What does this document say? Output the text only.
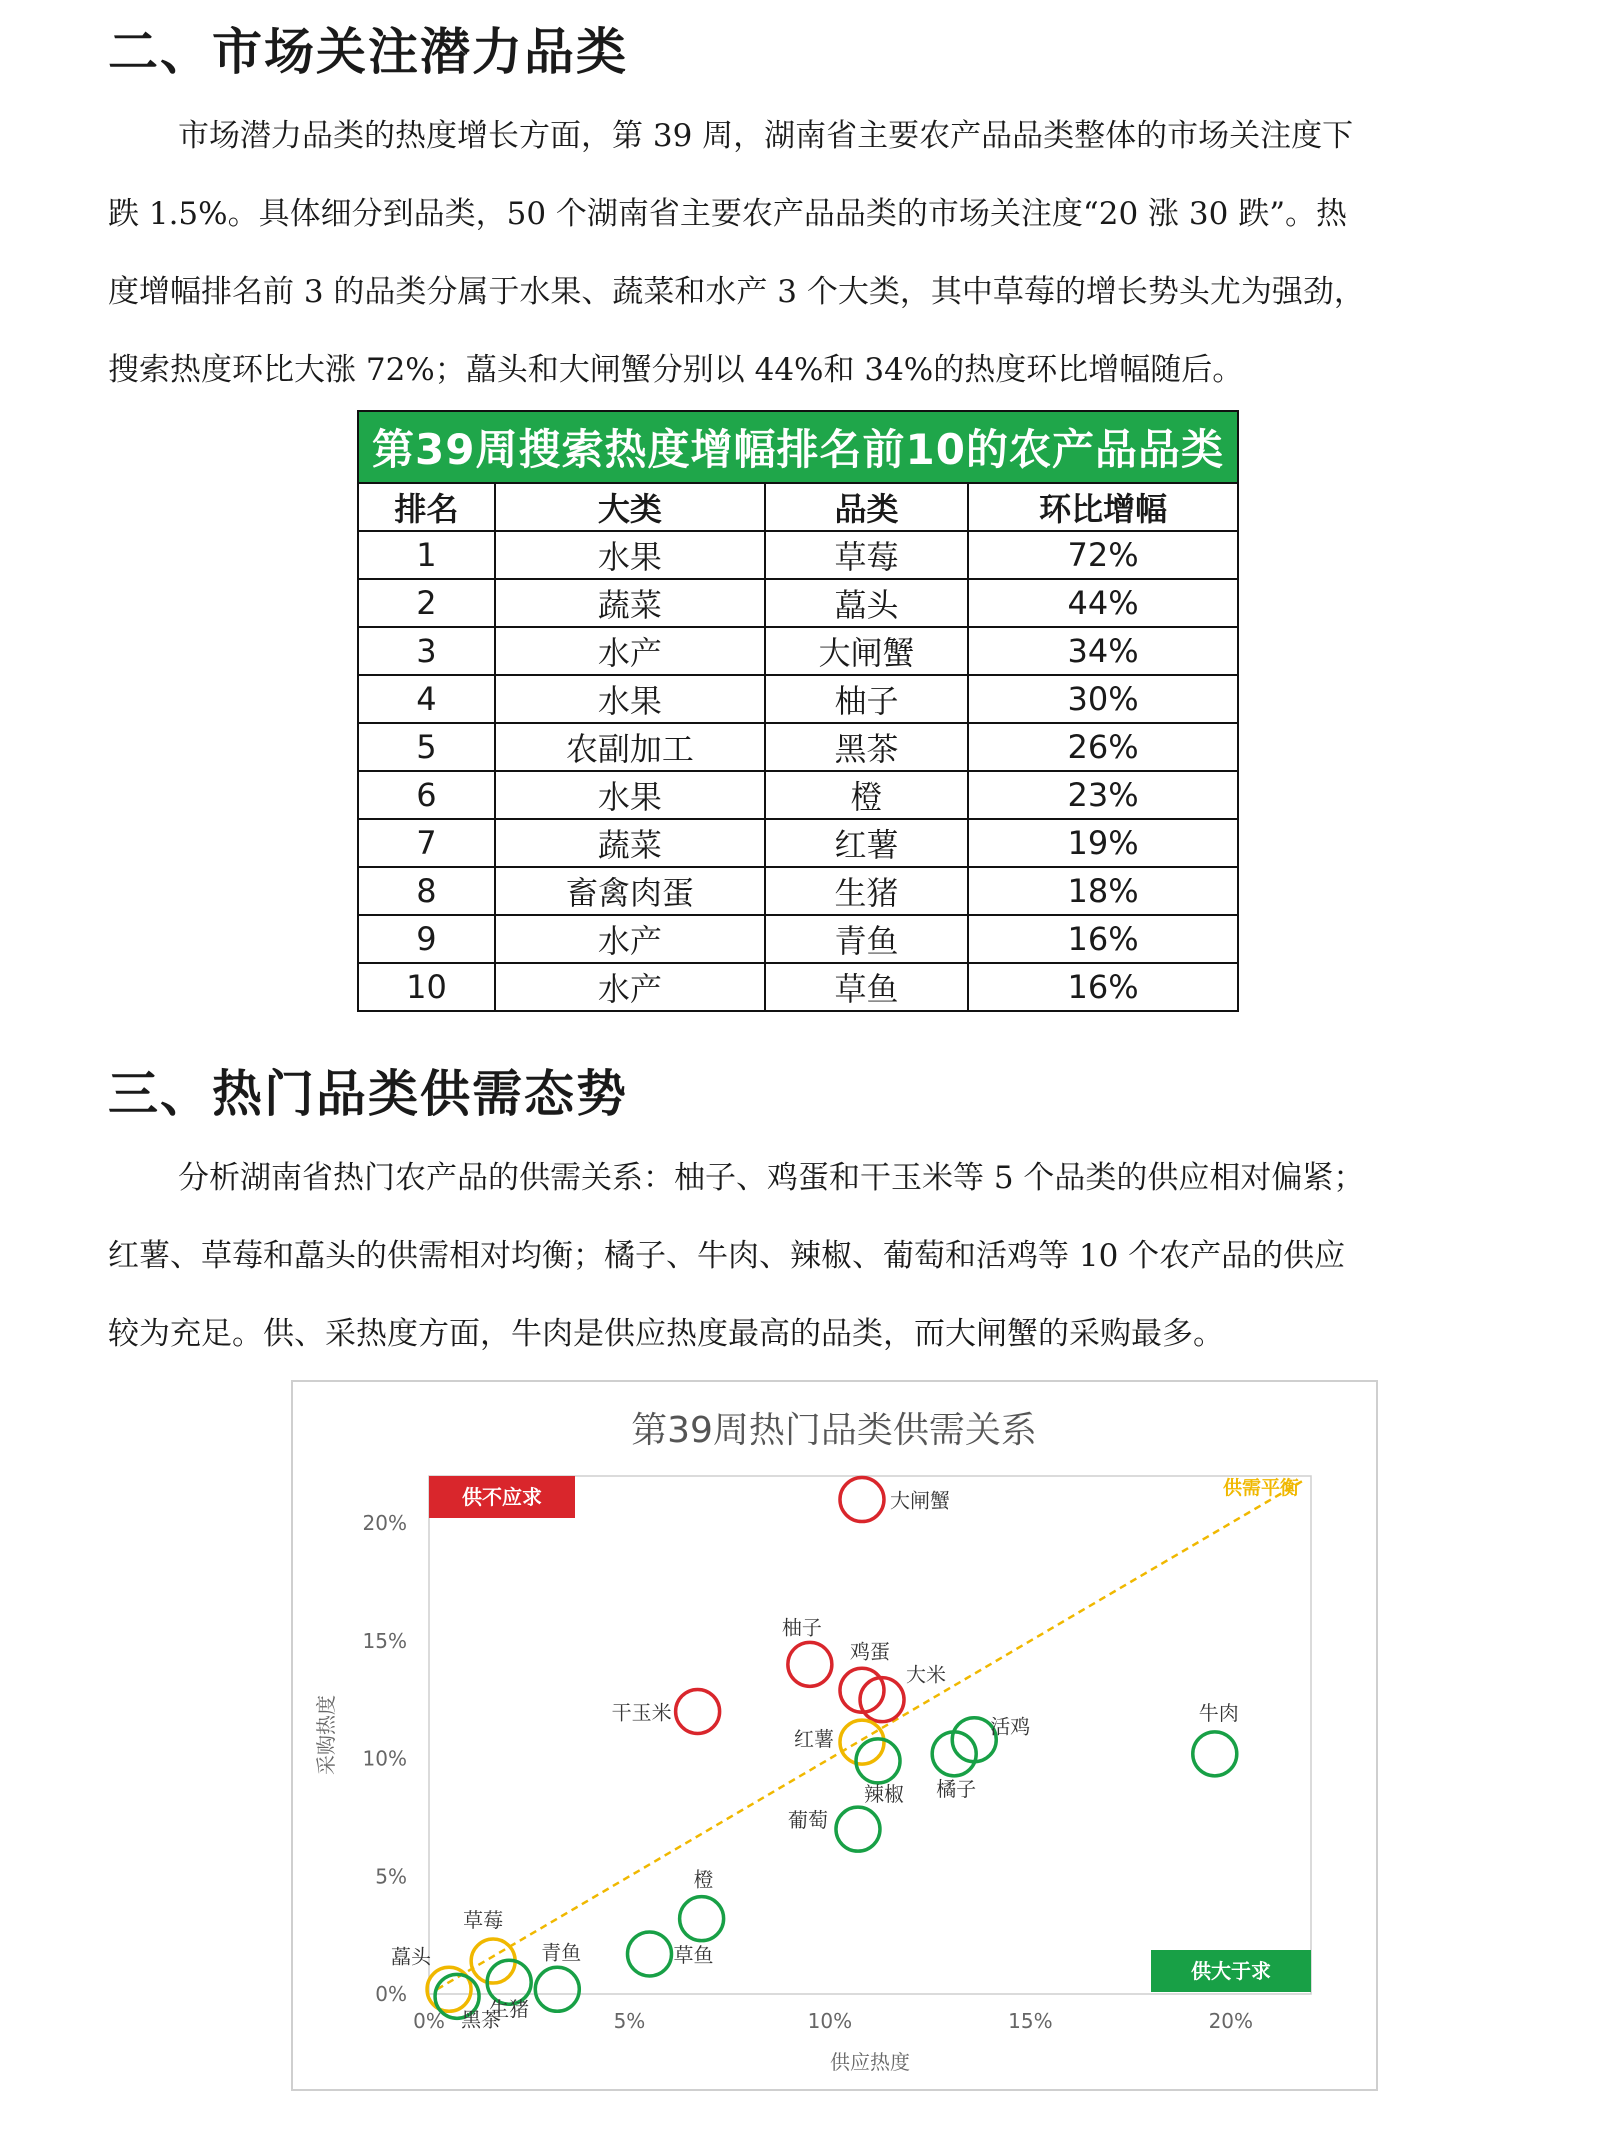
二、市场关注潜力品类

市场潜力品类的热度增长方面，第 39 周，湖南省主要农产品品类整体的市场关注度下
跌 1.5%。具体细分到品类，50 个湖南省主要农产品品类的市场关注度“20 涨 30 跌”。热
度增幅排名前 3 的品类分属于水果、蔬菜和水产 3 个大类，其中草莓的增长势头尤为强劲，
搜索热度环比大涨 72%；藠头和大闸蟹分别以 44%和 34%的热度环比增幅随后。

第39周搜索热度增幅排名前10的农产品品类			
排名	大类	品类	环比增幅
1	水果	草莓	72%
2	蔬菜	藠头	44%
3	水产	大闸蟹	34%
4	水果	柚子	30%
5	农副加工	黑茶	26%
6	水果	橙	23%
7	蔬菜	红薯	19%
8	畜禽肉蛋	生猪	18%
9	水产	青鱼	16%
10	水产	草鱼	16%
三、热门品类供需态势

分析湖南省热门农产品的供需关系：柚子、鸡蛋和干玉米等 5 个品类的供应相对偏紧；
红薯、草莓和藠头的供需相对均衡；橘子、牛肉、辣椒、葡萄和活鸡等 10 个农产品的供应
较为充足。供、采热度方面，牛肉是供应热度最高的品类，而大闸蟹的采购最多。

第39周热门品类供需关系
0%	5%	10%	15%	20%
0%
5%
10%
15%
20%
供应热度
采购热度
供需平衡
供不应求
供大于求
大闸蟹
柚子
鸡蛋
大米
干玉米
红薯
草莓
藠头
牛肉
活鸡
橘子
辣椒
葡萄
橙
草鱼
青鱼
生猪
黑茶
